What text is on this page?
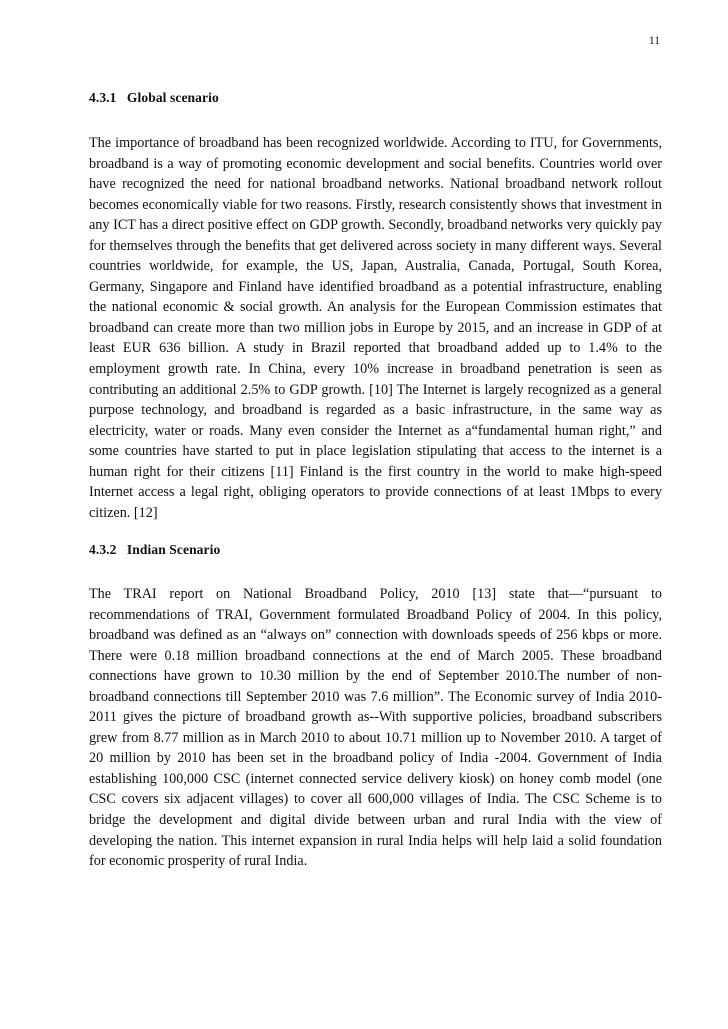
11
4.3.1   Global scenario

The importance of broadband has been recognized worldwide. According to ITU, for Governments, broadband is a way of promoting economic development and social benefits. Countries world over have recognized the need for national broadband networks. National broadband network rollout becomes economically viable for two reasons. Firstly, research consistently shows that investment in any ICT has a direct positive effect on GDP growth. Secondly, broadband networks very quickly pay for themselves through the benefits that get delivered across society in many different ways. Several countries worldwide, for example, the US, Japan, Australia, Canada, Portugal, South Korea, Germany, Singapore and Finland have identified broadband as a potential infrastructure, enabling the national economic & social growth. An analysis for the European Commission estimates that broadband can create more than two million jobs in Europe by 2015, and an increase in GDP of at least EUR 636 billion. A study in Brazil reported that broadband added up to 1.4% to the employment growth rate. In China, every 10% increase in broadband penetration is seen as contributing an additional 2.5% to GDP growth. [10] The Internet is largely recognized as a general purpose technology, and broadband is regarded as a basic infrastructure, in the same way as electricity, water or roads. Many even consider the Internet as a“fundamental human right,” and some countries have started to put in place legislation stipulating that access to the internet is a human right for their citizens [11] Finland is the first country in the world to make high-speed Internet access a legal right, obliging operators to provide connections of at least 1Mbps to every citizen. [12]

4.3.2   Indian Scenario

The TRAI report on National Broadband Policy, 2010 [13] state that—“pursuant to recommendations of TRAI, Government formulated Broadband Policy of 2004. In this policy, broadband was defined as an “always on” connection with downloads speeds of 256 kbps or more. There were 0.18 million broadband connections at the end of March 2005. These broadband connections have grown to 10.30 million by the end of September 2010.The number of non-broadband connections till September 2010 was 7.6 million”. The Economic survey of India 2010-2011 gives the picture of broadband growth as--With supportive policies, broadband subscribers grew from 8.77 million as in March 2010 to about 10.71 million up to November 2010. A target of 20 million by 2010 has been set in the broadband policy of India -2004. Government of India establishing 100,000 CSC (internet connected service delivery kiosk) on honey comb model (one CSC covers six adjacent villages) to cover all 600,000 villages of India. The CSC Scheme is to bridge the development and digital divide between urban and rural India with the view of developing the nation. This internet expansion in rural India helps will help laid a solid foundation for economic prosperity of rural India.
